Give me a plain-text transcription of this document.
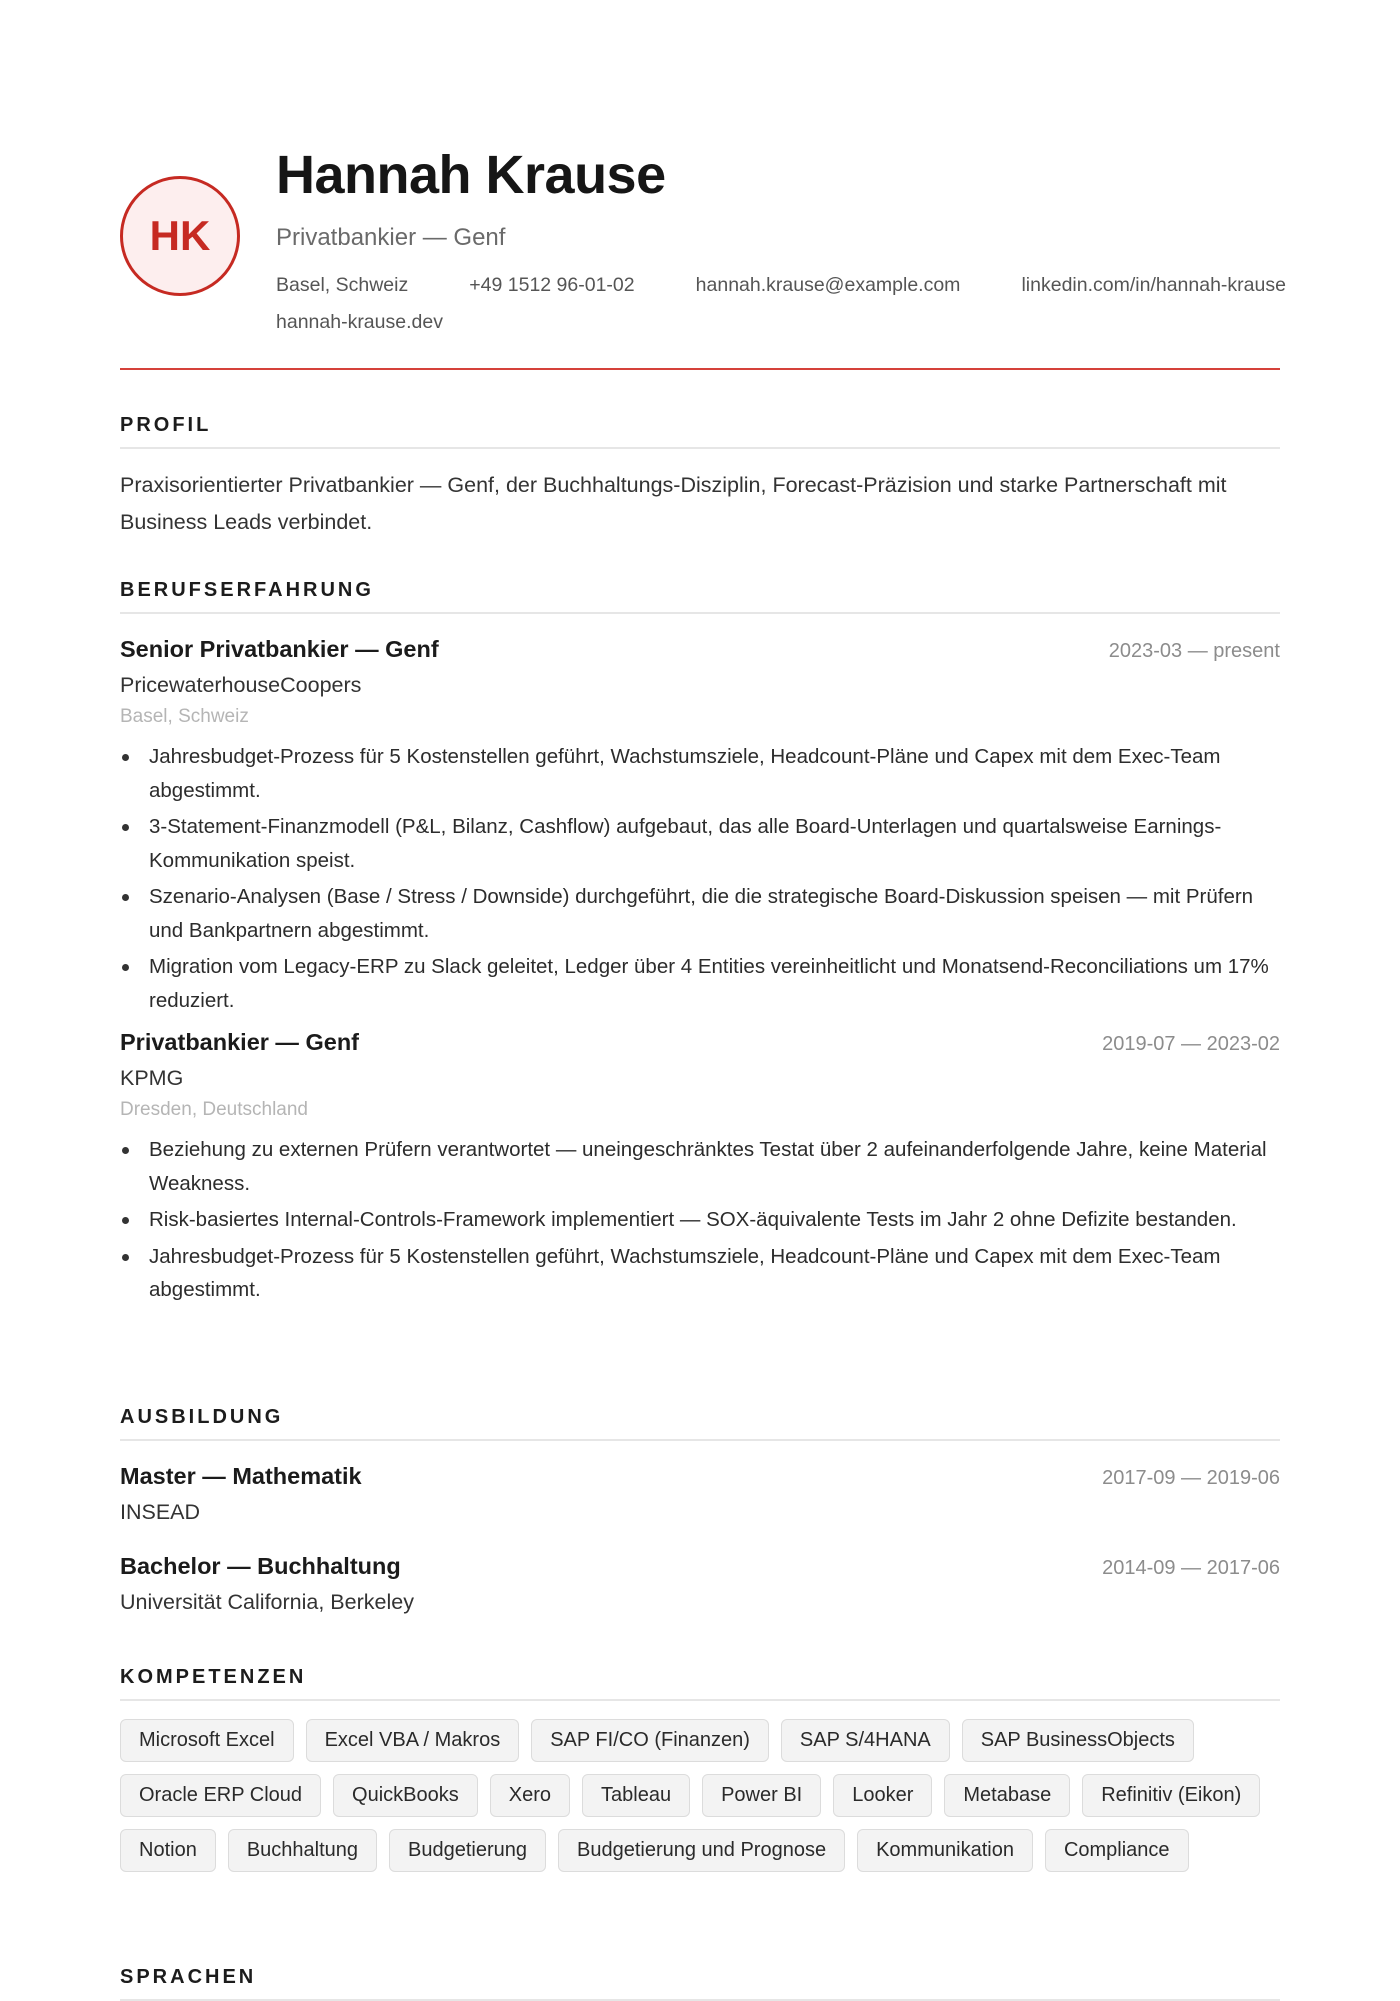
HK
Hannah Krause
Privatbankier — Genf
Basel, Schweiz	+49 1512 96-01-02	hannah.krause@example.com	linkedin.com/in/hannah-krause
hannah-krause.dev
PROFIL
Praxisorientierter Privatbankier — Genf, der Buchhaltungs-Disziplin, Forecast-Präzision und starke Partnerschaft mit Business Leads verbindet.
BERUFSERFAHRUNG
Senior Privatbankier — Genf	2023-03 — present
PricewaterhouseCoopers
Basel, Schweiz
Jahresbudget-Prozess für 5 Kostenstellen geführt, Wachstumsziele, Headcount-Pläne und Capex mit dem Exec-Team abgestimmt.
3-Statement-Finanzmodell (P&L, Bilanz, Cashflow) aufgebaut, das alle Board-Unterlagen und quartalsweise Earnings-Kommunikation speist.
Szenario-Analysen (Base / Stress / Downside) durchgeführt, die die strategische Board-Diskussion speisen — mit Prüfern und Bankpartnern abgestimmt.
Migration vom Legacy-ERP zu Slack geleitet, Ledger über 4 Entities vereinheitlicht und Monatsend-Reconciliations um 17% reduziert.
Privatbankier — Genf	2019-07 — 2023-02
KPMG
Dresden, Deutschland
Beziehung zu externen Prüfern verantwortet — uneingeschränktes Testat über 2 aufeinanderfolgende Jahre, keine Material Weakness.
Risk-basiertes Internal-Controls-Framework implementiert — SOX-äquivalente Tests im Jahr 2 ohne Defizite bestanden.
Jahresbudget-Prozess für 5 Kostenstellen geführt, Wachstumsziele, Headcount-Pläne und Capex mit dem Exec-Team abgestimmt.
AUSBILDUNG
Master — Mathematik	2017-09 — 2019-06
INSEAD
Bachelor — Buchhaltung	2014-09 — 2017-06
Universität California, Berkeley
KOMPETENZEN
Microsoft Excel	Excel VBA / Makros	SAP FI/CO (Finanzen)	SAP S/4HANA	SAP BusinessObjects
Oracle ERP Cloud	QuickBooks	Xero	Tableau	Power BI	Looker	Metabase	Refinitiv (Eikon)
Notion	Buchhaltung	Budgetierung	Budgetierung und Prognose	Kommunikation	Compliance
SPRACHEN
